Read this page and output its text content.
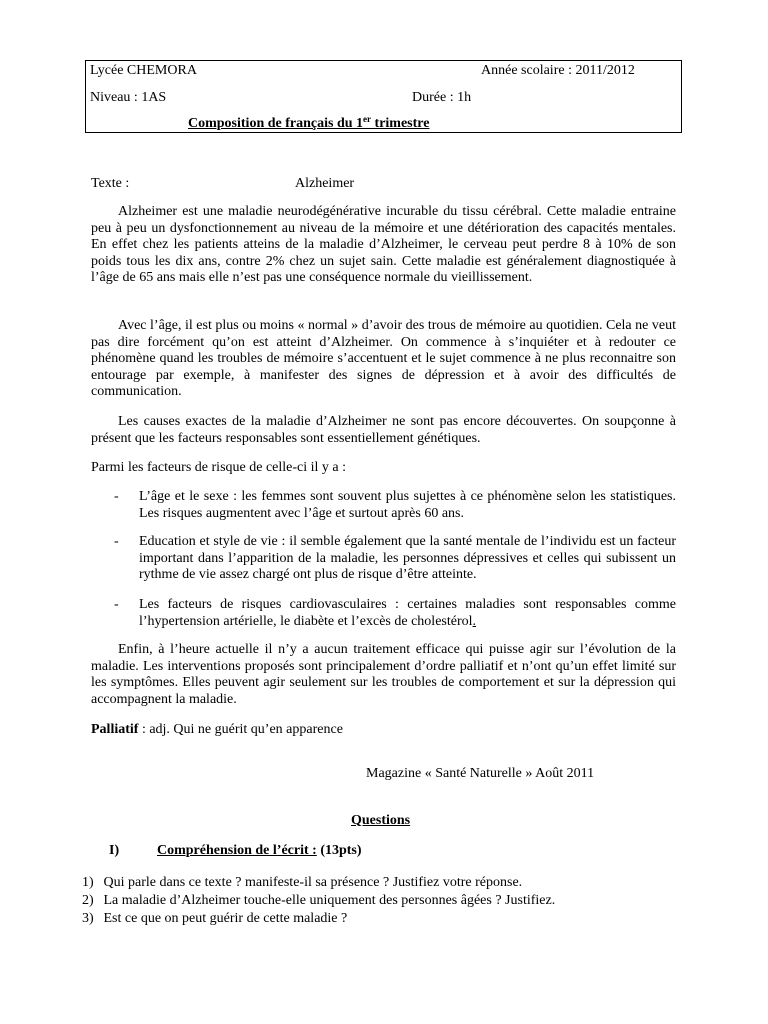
Lycée CHEMORA	Année scolaire : 2011/2012
Niveau : 1AS	Durée : 1h
Composition de français du 1er trimestre
Texte :	Alzheimer

Alzheimer est une maladie neurodégénérative incurable du tissu cérébral. Cette maladie entraine peu à peu un dysfonctionnement au niveau de la mémoire et une détérioration des capacités mentales. En effet chez les patients atteins de la maladie d’Alzheimer, le cerveau peut perdre 8 à 10% de son poids tous les dix ans, contre 2% chez un sujet sain. Cette maladie est généralement diagnostiquée à l’âge de 65 ans mais elle n’est pas une conséquence normale du vieillissement.

Avec l’âge, il est plus ou moins « normal » d’avoir des trous de mémoire au quotidien. Cela ne veut pas dire forcément qu’on est atteint d’Alzheimer. On commence à s’inquiéter et à redouter ce phénomène quand les troubles de mémoire s’accentuent et le sujet commence à ne plus reconnaitre son entourage par exemple, à manifester des signes de dépression et à avoir des difficultés de communication.

Les causes exactes de la maladie d’Alzheimer ne sont pas encore découvertes. On soupçonne à présent que les facteurs responsables sont essentiellement génétiques.

Parmi les facteurs de risque de celle-ci il y a :

- L’âge et le sexe : les femmes sont souvent plus sujettes à ce phénomène selon les statistiques. Les risques augmentent avec l’âge et surtout après 60 ans.
- Education et style de vie : il semble également que la santé mentale de l’individu est un facteur important dans l’apparition de la maladie, les personnes dépressives et celles qui subissent un rythme de vie assez chargé ont plus de risque d’être atteinte.
- Les facteurs de risques cardiovasculaires : certaines maladies sont responsables comme l’hypertension artérielle, le diabète et l’excès de cholestérol.

Enfin, à l’heure actuelle il n’y a aucun traitement efficace qui puisse agir sur l’évolution de la maladie. Les interventions proposés sont principalement d’ordre palliatif et n’ont qu’un effet limité sur les symptômes. Elles peuvent agir seulement sur les troubles de comportement et sur la dépression qui accompagnent la maladie.

Palliatif : adj. Qui ne guérit qu’en apparence
Magazine « Santé Naturelle » Août 2011
Questions
I)	Compréhension de l’écrit : (13pts)
1) Qui parle dans ce texte ? manifeste-il sa présence ? Justifiez votre réponse.
2) La maladie d’Alzheimer touche-elle uniquement des personnes âgées ? Justifiez.
3) Est ce que on peut guérir de cette maladie ?
